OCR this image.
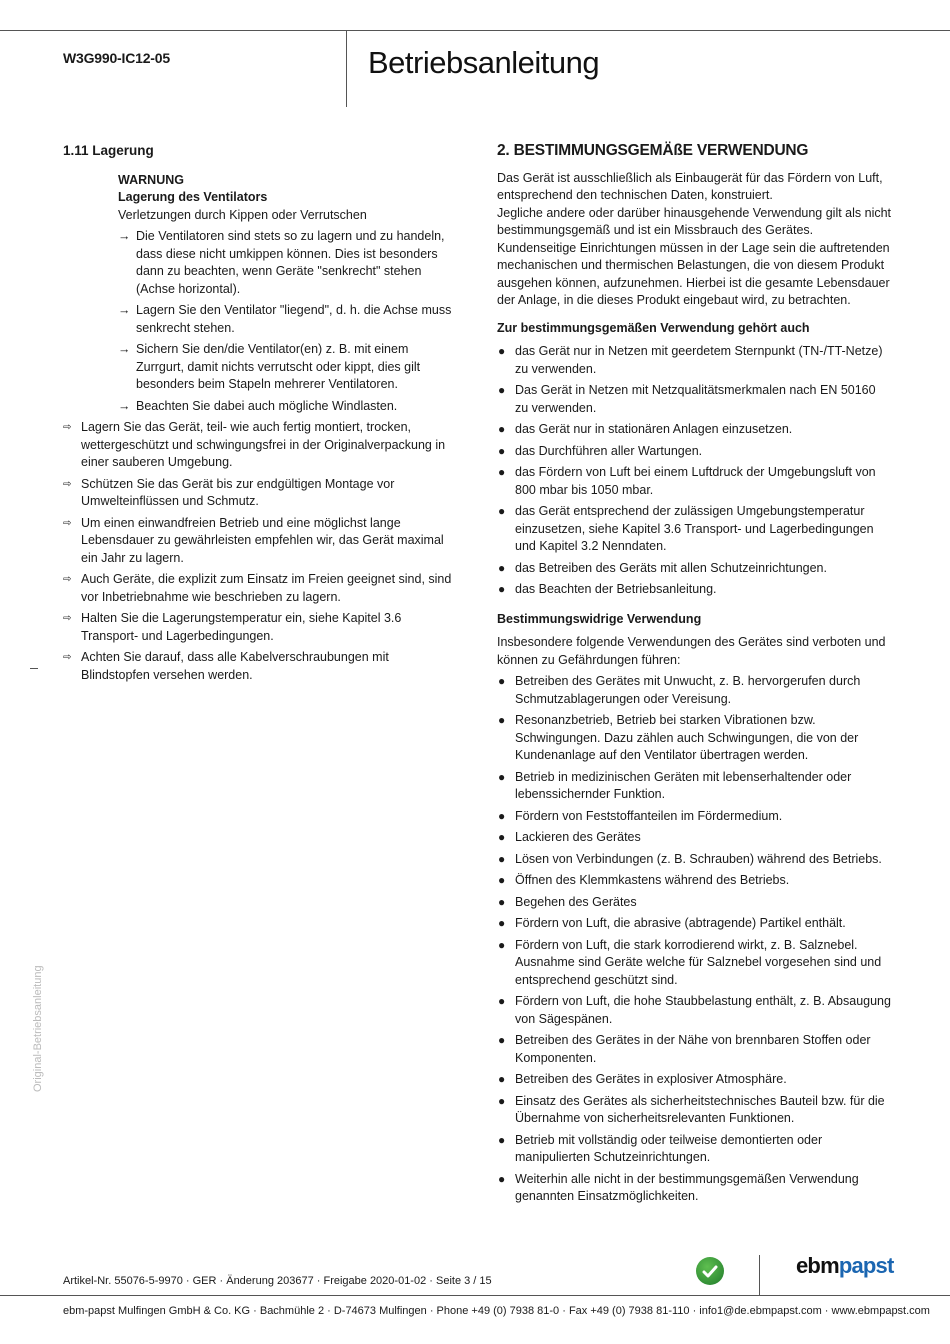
W3G990-IC12-05	Betriebsanleitung
1.11 Lagerung
WARNUNG
Lagerung des Ventilators
Verletzungen durch Kippen oder Verrutschen
→ Die Ventilatoren sind stets so zu lagern und zu handeln, dass diese nicht umkippen können. Dies ist besonders dann zu beachten, wenn Geräte "senkrecht" stehen (Achse horizontal).
→ Lagern Sie den Ventilator "liegend", d. h. die Achse muss senkrecht stehen.
→ Sichern Sie den/die Ventilator(en) z. B. mit einem Zurrgurt, damit nichts verrutscht oder kippt, dies gilt besonders beim Stapeln mehrerer Ventilatoren.
→ Beachten Sie dabei auch mögliche Windlasten.
⇨ Lagern Sie das Gerät, teil- wie auch fertig montiert, trocken, wettergeschützt und schwingungsfrei in der Originalverpackung in einer sauberen Umgebung.
⇨ Schützen Sie das Gerät bis zur endgültigen Montage vor Umwelteinflüssen und Schmutz.
⇨ Um einen einwandfreien Betrieb und eine möglichst lange Lebensdauer zu gewährleisten empfehlen wir, das Gerät maximal ein Jahr zu lagern.
⇨ Auch Geräte, die explizit zum Einsatz im Freien geeignet sind, sind vor Inbetriebnahme wie beschrieben zu lagern.
⇨ Halten Sie die Lagerungstemperatur ein, siehe Kapitel 3.6 Transport- und Lagerbedingungen.
⇨ Achten Sie darauf, dass alle Kabelverschraubungen mit Blindstopfen versehen werden.
2. BESTIMMUNGSGEMÄßE VERWENDUNG

Das Gerät ist ausschließlich als Einbaugerät für das Fördern von Luft, entsprechend den technischen Daten, konstruiert.

Jegliche andere oder darüber hinausgehende Verwendung gilt als nicht bestimmungsgemäß und ist ein Missbrauch des Gerätes.

Kundenseitige Einrichtungen müssen in der Lage sein die auftretenden mechanischen und thermischen Belastungen, die von diesem Produkt ausgehen können, aufzunehmen. Hierbei ist die gesamte Lebensdauer der Anlage, in die dieses Produkt eingebaut wird, zu betrachten.

Zur bestimmungsgemäßen Verwendung gehört auch
● das Gerät nur in Netzen mit geerdetem Sternpunkt (TN-/TT-Netze) zu verwenden.
● Das Gerät in Netzen mit Netzqualitätsmerkmalen nach EN 50160 zu verwenden.
● das Gerät nur in stationären Anlagen einzusetzen.
● das Durchführen aller Wartungen.
● das Fördern von Luft bei einem Luftdruck der Umgebungsluft von 800 mbar bis 1050 mbar.
● das Gerät entsprechend der zulässigen Umgebungstemperatur einzusetzen, siehe Kapitel 3.6 Transport- und Lagerbedingungen und Kapitel 3.2 Nenndaten.
● das Betreiben des Geräts mit allen Schutzeinrichtungen.
● das Beachten der Betriebsanleitung.
Bestimmungswidrige Verwendung

Insbesondere folgende Verwendungen des Gerätes sind verboten und können zu Gefährdungen führen:

● Betreiben des Gerätes mit Unwucht, z. B. hervorgerufen durch Schmutzablagerungen oder Vereisung.
● Resonanzbetrieb, Betrieb bei starken Vibrationen bzw. Schwingungen. Dazu zählen auch Schwingungen, die von der Kundenanlage auf den Ventilator übertragen werden.
● Betrieb in medizinischen Geräten mit lebenserhaltender oder lebenssichernder Funktion.
● Fördern von Feststoffanteilen im Fördermedium.
● Lackieren des Gerätes
● Lösen von Verbindungen (z. B. Schrauben) während des Betriebs.
● Öffnen des Klemmkastens während des Betriebs.
● Begehen des Gerätes
● Fördern von Luft, die abrasive (abtragende) Partikel enthält.
● Fördern von Luft, die stark korrodierend wirkt, z. B. Salznebel. Ausnahme sind Geräte welche für Salznebel vorgesehen sind und entsprechend geschützt sind.
● Fördern von Luft, die hohe Staubbelastung enthält, z. B. Absaugung von Sägespänen.
● Betreiben des Gerätes in der Nähe von brennbaren Stoffen oder Komponenten.
● Betreiben des Gerätes in explosiver Atmosphäre.
● Einsatz des Gerätes als sicherheitstechnisches Bauteil bzw. für die Übernahme von sicherheitsrelevanten Funktionen.
● Betrieb mit vollständig oder teilweise demontierten oder manipulierten Schutzeinrichtungen.
● Weiterhin alle nicht in der bestimmungsgemäßen Verwendung genannten Einsatzmöglichkeiten.
Original-Betriebsanleitung
Artikel-Nr. 55076-5-9970 · GER · Änderung 203677 · Freigabe 2020-01-02 · Seite 3 / 15
ebmpapst
ebm-papst Mulfingen GmbH & Co. KG · Bachmühle 2 · D-74673 Mulfingen · Phone +49 (0) 7938 81-0 · Fax +49 (0) 7938 81-110 · info1@de.ebmpapst.com · www.ebmpapst.com
